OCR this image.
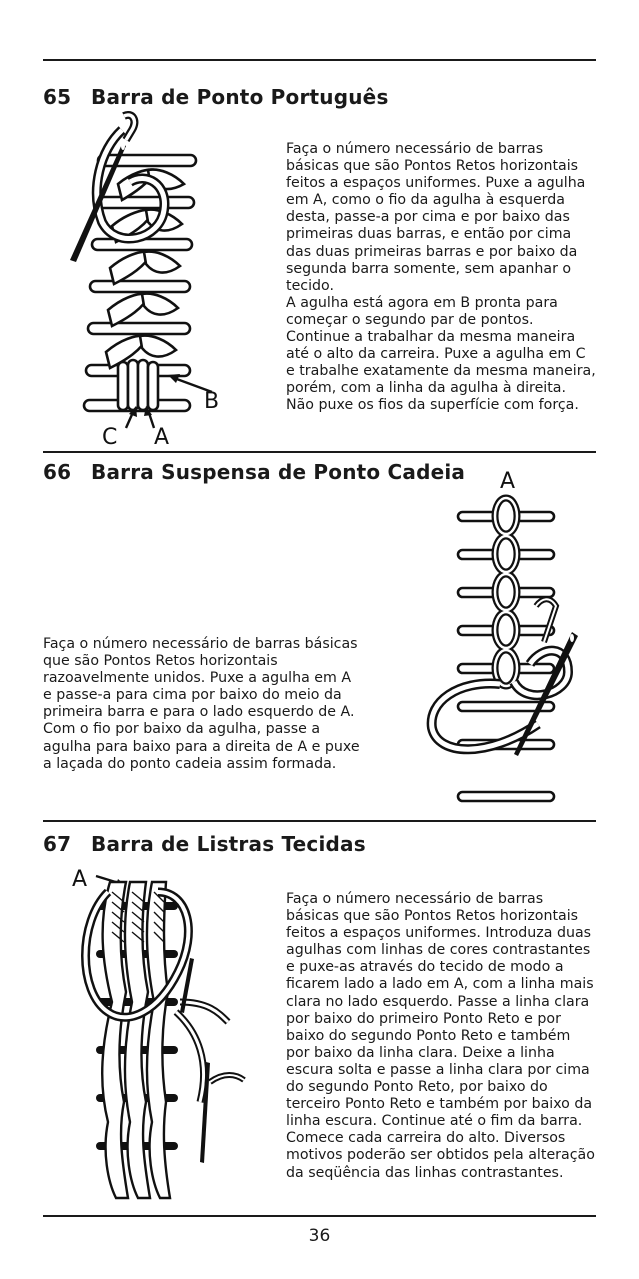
65 Barra de Ponto Português
B
C A

Faça o número necessário de barras básicas que são Pontos Retos horizontais feitos a espaços uniformes. Puxe a agulha em A, como o fio da agulha à esquerda desta, passe-a por cima e por baixo das primeiras duas barras, e então por cima das duas primeiras barras e por baixo da segunda barra somente, sem apanhar o tecido.

A agulha está agora em B pronta para começar o segundo par de pontos. Continue a trabalhar da mesma maneira até o alto da carreira. Puxe a agulha em C e trabalhe exatamente da mesma maneira, porém, com a linha da agulha à direita. Não puxe os fios da superfície com força.

66 Barra Suspensa de Ponto Cadeia A

Faça o número necessário de barras básicas que são Pontos Retos horizontais razoavelmente unidos. Puxe a agulha em A e passe-a para cima por baixo do meio da primeira barra e para o lado esquerdo de A. Com o fio por baixo da agulha, passe a agulha para baixo para a direita de A e puxe a laçada do ponto cadeia assim formada.

67 Barra de Listras Tecidas
A

Faça o número necessário de barras básicas que são Pontos Retos horizontais feitos a espaços uniformes. Introduza duas agulhas com linhas de cores contrastantes e puxe-as através do tecido de modo a ficarem lado a lado em A, com a linha mais clara no lado esquerdo. Passe a linha clara por baixo do primeiro Ponto Reto e por baixo do segundo Ponto Reto e também por baixo da linha clara. Deixe a linha escura solta e passe a linha clara por cima do segundo Ponto Reto, por baixo do terceiro Ponto Reto e também por baixo da linha escura. Continue até o fim da barra. Comece cada carreira do alto. Diversos motivos poderão ser obtidos pela alteração da seqüência das linhas contrastantes.

36
